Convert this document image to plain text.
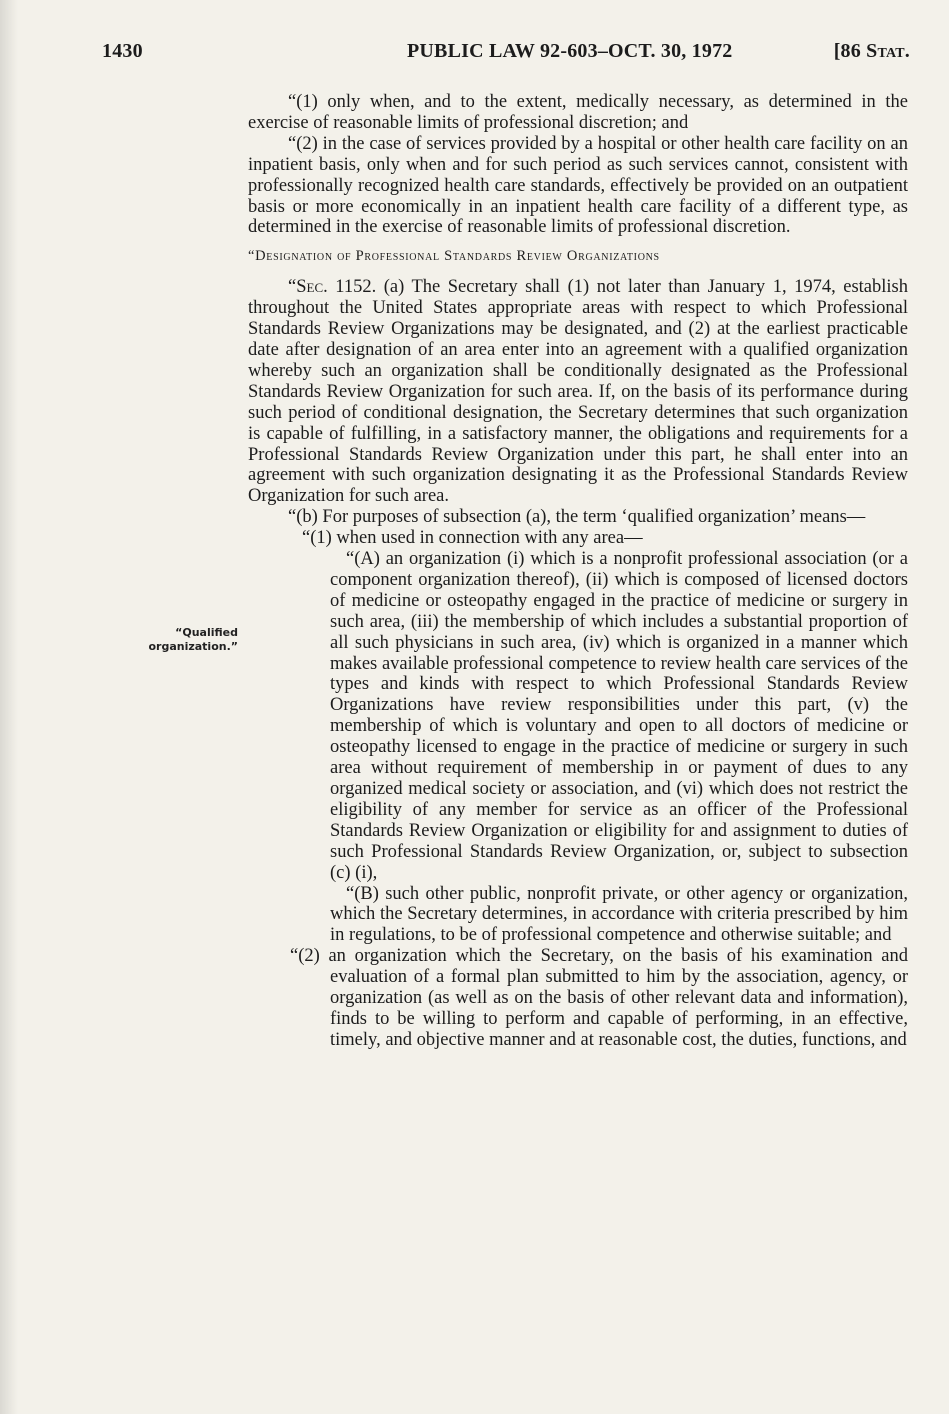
1430	PUBLIC LAW 92-603–OCT. 30, 1972	[86 Stat.
“Qualified organization.”

“(1) only when, and to the extent, medically necessary, as determined in the exercise of reasonable limits of professional discretion; and

“(2) in the case of services provided by a hospital or other health care facility on an inpatient basis, only when and for such period as such services cannot, consistent with professionally recognized health care standards, effectively be provided on an outpatient basis or more economically in an inpatient health care facility of a different type, as determined in the exercise of reasonable limits of professional discretion.

“Designation of Professional Standards Review Organizations

“Sec. 1152. (a) The Secretary shall (1) not later than January 1, 1974, establish throughout the United States appropriate areas with respect to which Professional Standards Review Organizations may be designated, and (2) at the earliest practicable date after designation of an area enter into an agreement with a qualified organization whereby such an organization shall be conditionally designated as the Professional Standards Review Organization for such area. If, on the basis of its performance during such period of conditional designation, the Secretary determines that such organization is capable of fulfilling, in a satisfactory manner, the obligations and requirements for a Professional Standards Review Organization under this part, he shall enter into an agreement with such organization designating it as the Professional Standards Review Organization for such area.

“(b) For purposes of subsection (a), the term ‘qualified organization’ means—

“(1) when used in connection with any area—

“(A) an organization (i) which is a nonprofit professional association (or a component organization thereof), (ii) which is composed of licensed doctors of medicine or osteopathy engaged in the practice of medicine or surgery in such area, (iii) the membership of which includes a substantial proportion of all such physicians in such area, (iv) which is organized in a manner which makes available professional competence to review health care services of the types and kinds with respect to which Professional Standards Review Organizations have review responsibilities under this part, (v) the membership of which is voluntary and open to all doctors of medicine or osteopathy licensed to engage in the practice of medicine or surgery in such area without requirement of membership in or payment of dues to any organized medical society or association, and (vi) which does not restrict the eligibility of any member for service as an officer of the Professional Standards Review Organization or eligibility for and assignment to duties of such Professional Standards Review Organization, or, subject to subsection (c) (i),

“(B) such other public, nonprofit private, or other agency or organization, which the Secretary determines, in accordance with criteria prescribed by him in regulations, to be of professional competence and otherwise suitable; and

“(2) an organization which the Secretary, on the basis of his examination and evaluation of a formal plan submitted to him by the association, agency, or organization (as well as on the basis of other relevant data and information), finds to be willing to perform and capable of performing, in an effective, timely, and objective manner and at reasonable cost, the duties, functions, and
